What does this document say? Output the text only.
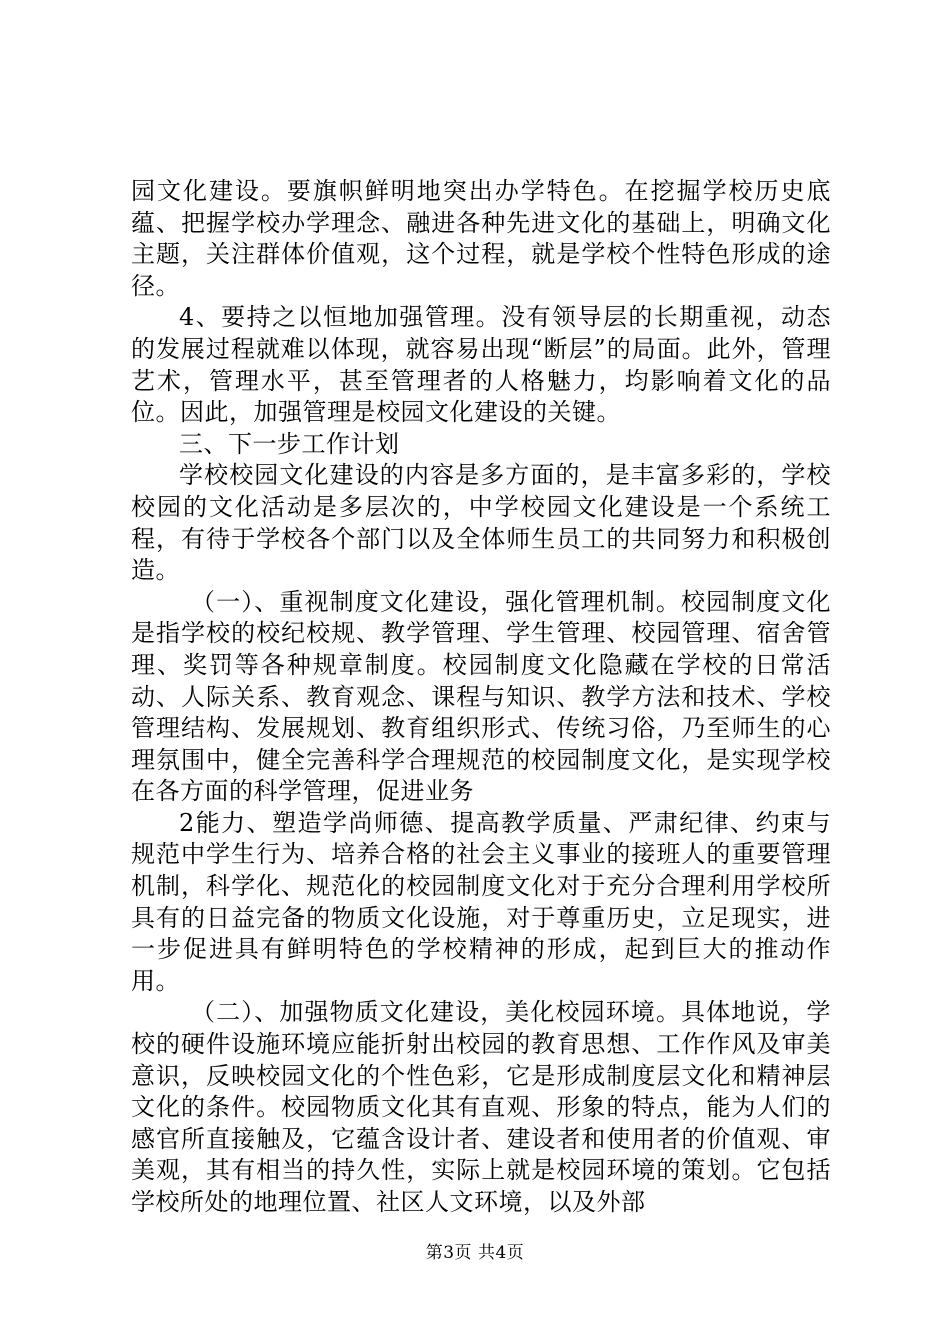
园文化建设。要旗帜鲜明地突出办学特色。在挖掘学校历史底蕴、把握学校办学理念、融进各种先进文化的基础上，明确文化主题，关注群体价值观，这个过程，就是学校个性特色形成的途径。

4、要持之以恒地加强管理。没有领导层的长期重视，动态的发展过程就难以体现，就容易出现“断层”的局面。此外，管理艺术，管理水平，甚至管理者的人格魅力，均影响着文化的品位。因此，加强管理是校园文化建设的关键。

三、下一步工作计划

学校校园文化建设的内容是多方面的，是丰富多彩的，学校校园的文化活动是多层次的，中学校园文化建设是一个系统工程，有待于学校各个部门以及全体师生员工的共同努力和积极创造。

（一）、重视制度文化建设，强化管理机制。校园制度文化是指学校的校纪校规、教学管理、学生管理、校园管理、宿舍管理、奖罚等各种规章制度。校园制度文化隐藏在学校的日常活动、人际关系、教育观念、课程与知识、教学方法和技术、学校管理结构、发展规划、教育组织形式、传统习俗，乃至师生的心理氛围中，健全完善科学合理规范的校园制度文化，是实现学校在各方面的科学管理，促进业务

2能力、塑造学尚师德、提高教学质量、严肃纪律、约束与规范中学生行为、培养合格的社会主义事业的接班人的重要管理机制，科学化、规范化的校园制度文化对于充分合理利用学校所具有的日益完备的物质文化设施，对于尊重历史，立足现实，进一步促进具有鲜明特色的学校精神的形成，起到巨大的推动作用。

（二）、加强物质文化建设，美化校园环境。具体地说，学校的硬件设施环境应能折射出校园的教育思想、工作作风及审美意识，反映校园文化的个性色彩，它是形成制度层文化和精神层文化的条件。校园物质文化其有直观、形象的特点，能为人们的感官所直接触及，它蕴含设计者、建设者和使用者的价值观、审美观，其有相当的持久性，实际上就是校园环境的策划。它包括学校所处的地理位置、社区人文环境，以及外部

第3页 共4页
